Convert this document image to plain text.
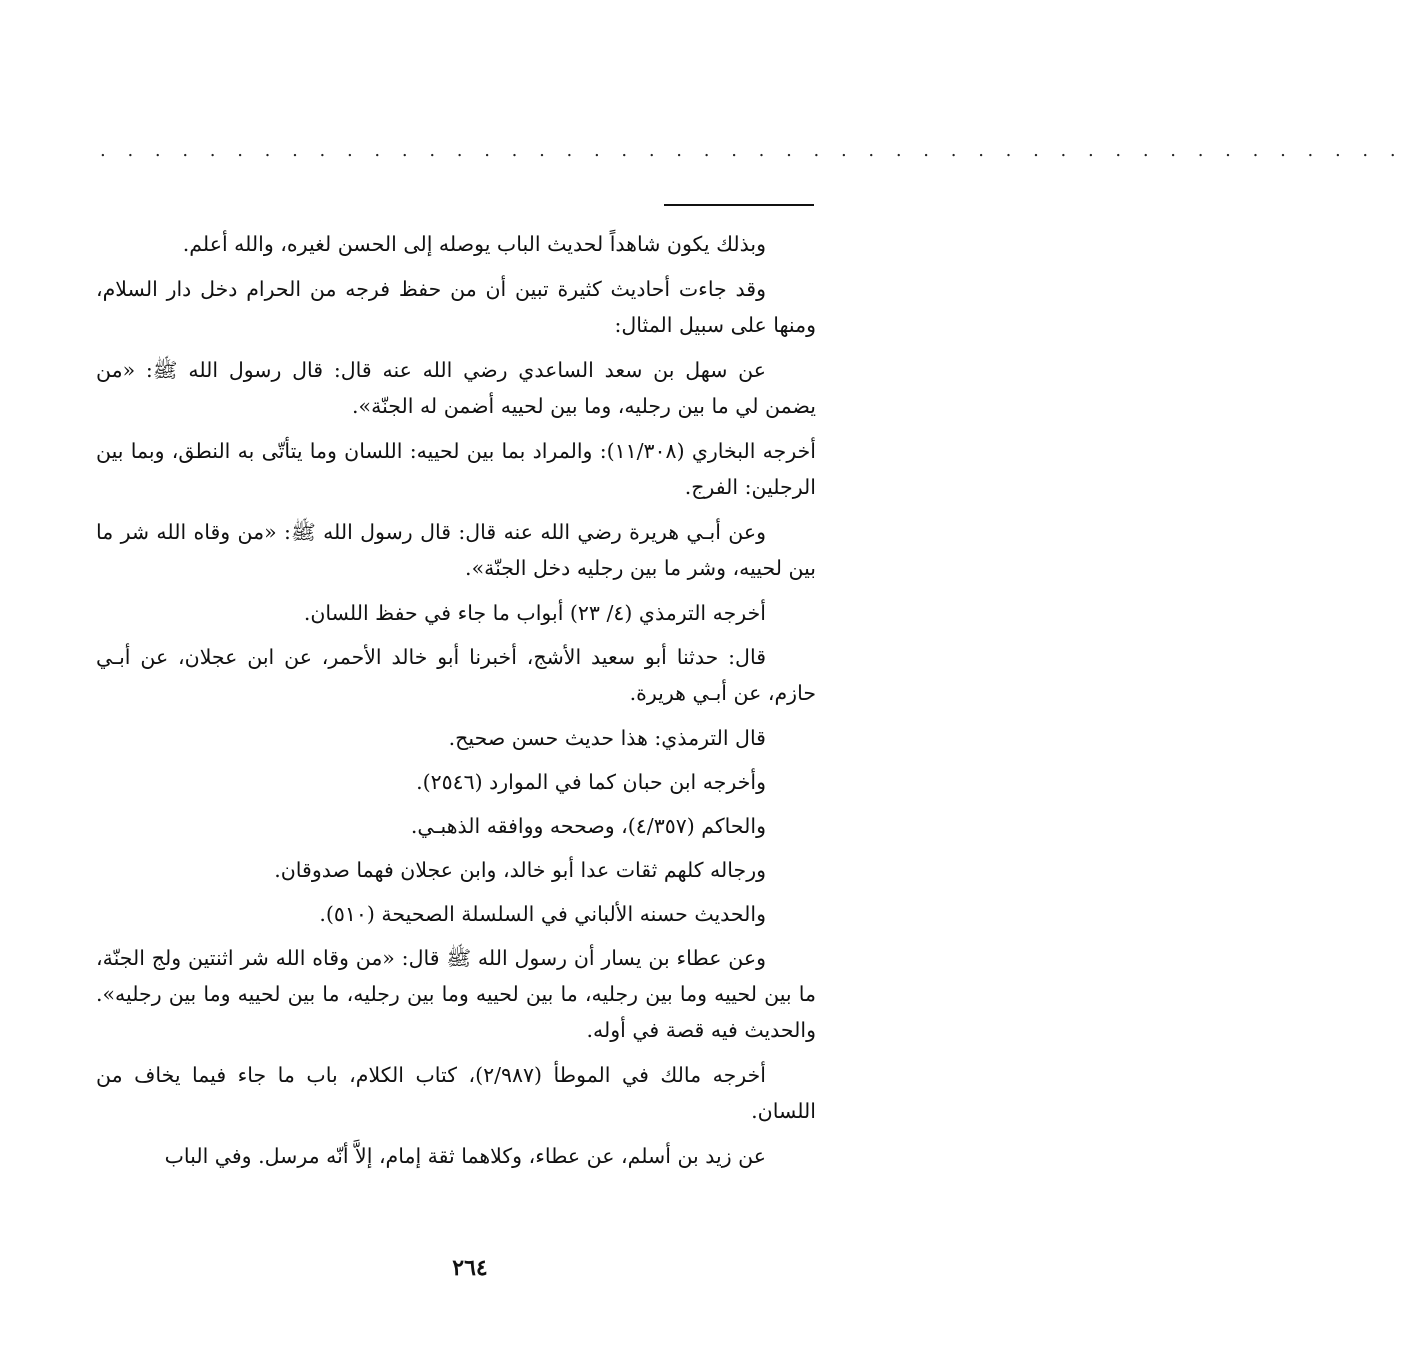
. . . . . . . . . . . . . . . . . . . . . . . . . . . . . . . . . . . . . . . . . . . . . . . .

وبذلك يكون شاهداً لحديث الباب يوصله إلى الحسن لغيره، والله أعلم.

وقد جاءت أحاديث كثيرة تبين أن من حفظ فرجه من الحرام دخل دار السلام، ومنها على سبيل المثال:

عن سهل بن سعد الساعدي رضي الله عنه قال: قال رسول الله ﷺ: «من يضمن لي ما بين رجليه، وما بين لحييه أضمن له الجنّة».

أخرجه البخاري (١١/٣٠٨): والمراد بما بين لحييه: اللسان وما يتأتّى به النطق، وبما بين الرجلين: الفرج.

وعن أبـي هريرة رضي الله عنه قال: قال رسول الله ﷺ: «من وقاه الله شر ما بين لحييه، وشر ما بين رجليه دخل الجنّة».

أخرجه الترمذي (٤/ ٢٣) أبواب ما جاء في حفظ اللسان.

قال: حدثنا أبو سعيد الأشج، أخبرنا أبو خالد الأحمر، عن ابن عجلان، عن أبـي حازم، عن أبـي هريرة.

قال الترمذي: هذا حديث حسن صحيح.

وأخرجه ابن حبان كما في الموارد (٢٥٤٦).

والحاكم (٤/٣٥٧)، وصححه ووافقه الذهبـي.

ورجاله كلهم ثقات عدا أبو خالد، وابن عجلان فهما صدوقان.

والحديث حسنه الألباني في السلسلة الصحيحة (٥١٠).

وعن عطاء بن يسار أن رسول الله ﷺ قال: «من وقاه الله شر اثنتين ولج الجنّة، ما بين لحييه وما بين رجليه، ما بين لحييه وما بين رجليه، ما بين لحييه وما بين رجليه». والحديث فيه قصة في أوله.

أخرجه مالك في الموطأ (٢/٩٨٧)، كتاب الكلام، باب ما جاء فيما يخاف من اللسان.

عن زيد بن أسلم، عن عطاء، وكلاهما ثقة إمام، إلاَّ أنّه مرسل. وفي الباب

٢٦٤
